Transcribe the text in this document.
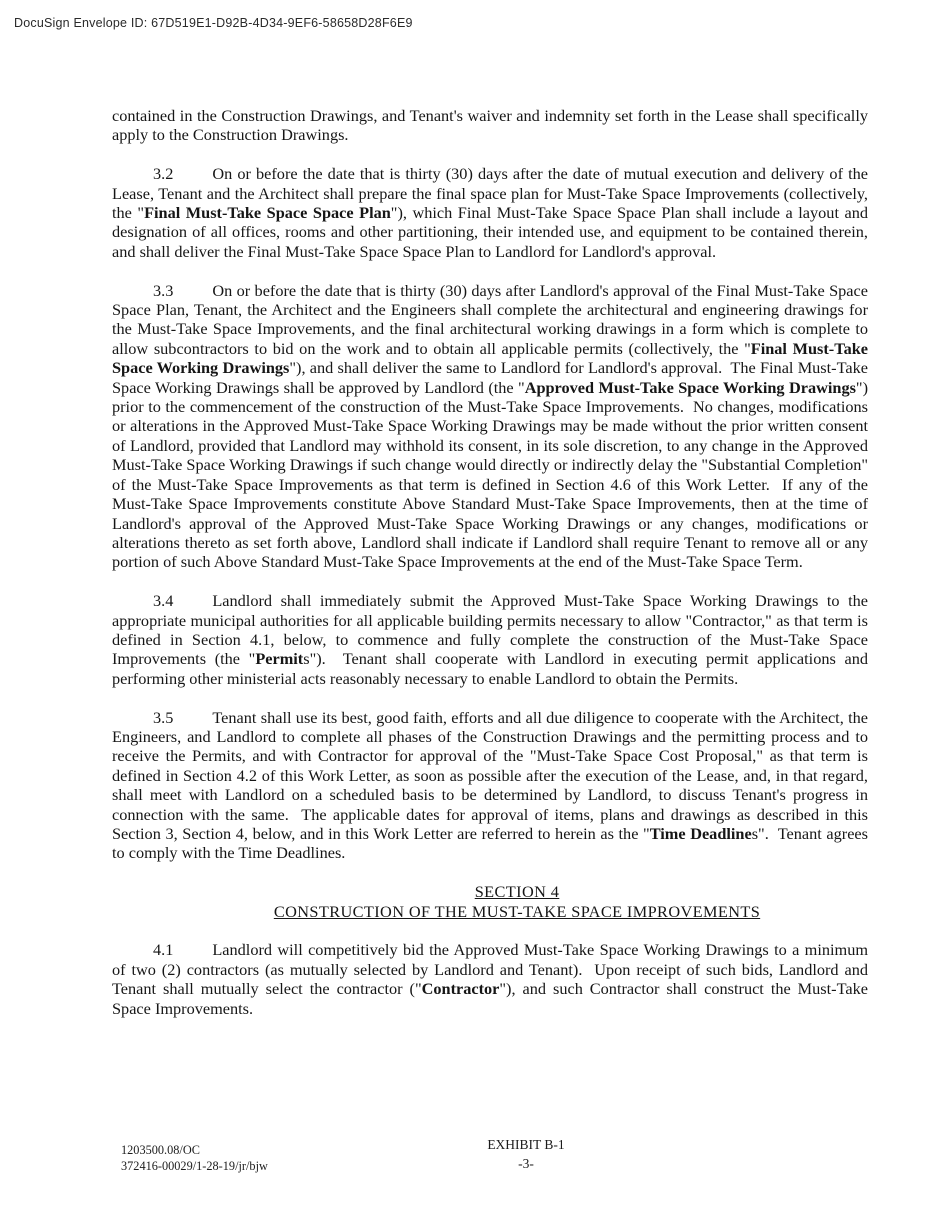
DocuSign Envelope ID: 67D519E1-D92B-4D34-9EF6-58658D28F6E9

contained in the Construction Drawings, and Tenant's waiver and indemnity set forth in the Lease shall specifically apply to the Construction Drawings.

3.2 On or before the date that is thirty (30) days after the date of mutual execution and delivery of the Lease, Tenant and the Architect shall prepare the final space plan for Must-Take Space Improvements (collectively, the "Final Must-Take Space Space Plan"), which Final Must-Take Space Space Plan shall include a layout and designation of all offices, rooms and other partitioning, their intended use, and equipment to be contained therein, and shall deliver the Final Must-Take Space Space Plan to Landlord for Landlord's approval.

3.3 On or before the date that is thirty (30) days after Landlord's approval of the Final Must-Take Space Space Plan, Tenant, the Architect and the Engineers shall complete the architectural and engineering drawings for the Must-Take Space Improvements, and the final architectural working drawings in a form which is complete to allow subcontractors to bid on the work and to obtain all applicable permits (collectively, the "Final Must-Take Space Working Drawings"), and shall deliver the same to Landlord for Landlord's approval.  The Final Must-Take Space Working Drawings shall be approved by Landlord (the "Approved Must-Take Space Working Drawings") prior to the commencement of the construction of the Must-Take Space Improvements.  No changes, modifications or alterations in the Approved Must-Take Space Working Drawings may be made without the prior written consent of Landlord, provided that Landlord may withhold its consent, in its sole discretion, to any change in the Approved Must-Take Space Working Drawings if such change would directly or indirectly delay the "Substantial Completion" of the Must-Take Space Improvements as that term is defined in Section 4.6 of this Work Letter.  If any of the Must-Take Space Improvements constitute Above Standard Must-Take Space Improvements, then at the time of Landlord's approval of the Approved Must-Take Space Working Drawings or any changes, modifications or alterations thereto as set forth above, Landlord shall indicate if Landlord shall require Tenant to remove all or any portion of such Above Standard Must-Take Space Improvements at the end of the Must-Take Space Term.

3.4 Landlord shall immediately submit the Approved Must-Take Space Working Drawings to the appropriate municipal authorities for all applicable building permits necessary to allow "Contractor," as that term is defined in Section 4.1, below, to commence and fully complete the construction of the Must-Take Space Improvements (the "Permits").  Tenant shall cooperate with Landlord in executing permit applications and performing other ministerial acts reasonably necessary to enable Landlord to obtain the Permits.

3.5 Tenant shall use its best, good faith, efforts and all due diligence to cooperate with the Architect, the Engineers, and Landlord to complete all phases of the Construction Drawings and the permitting process and to receive the Permits, and with Contractor for approval of the "Must-Take Space Cost Proposal," as that term is defined in Section 4.2 of this Work Letter, as soon as possible after the execution of the Lease, and, in that regard, shall meet with Landlord on a scheduled basis to be determined by Landlord, to discuss Tenant's progress in connection with the same.  The applicable dates for approval of items, plans and drawings as described in this Section 3, Section 4, below, and in this Work Letter are referred to herein as the "Time Deadlines".  Tenant agrees to comply with the Time Deadlines.

SECTION 4
CONSTRUCTION OF THE MUST-TAKE SPACE IMPROVEMENTS

4.1 Landlord will competitively bid the Approved Must-Take Space Working Drawings to a minimum of two (2) contractors (as mutually selected by Landlord and Tenant).  Upon receipt of such bids, Landlord and Tenant shall mutually select the contractor ("Contractor"), and such Contractor shall construct the Must-Take Space Improvements.

1203500.08/OC
372416-00029/1-28-19/jr/bjw
EXHIBIT B-1
-3-
